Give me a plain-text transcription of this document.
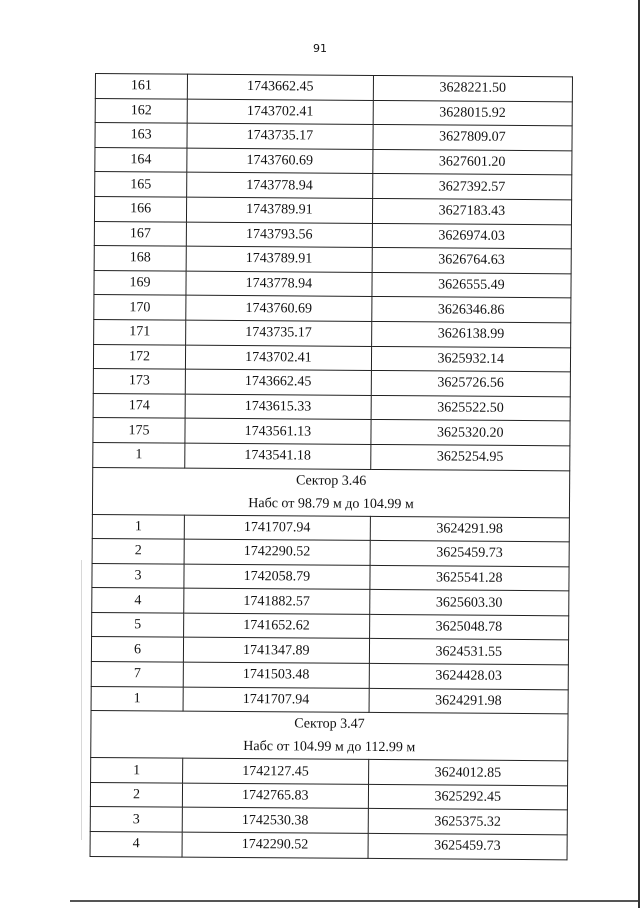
91
161	1743662.45	3628221.50
162	1743702.41	3628015.92
163	1743735.17	3627809.07
164	1743760.69	3627601.20
165	1743778.94	3627392.57
166	1743789.91	3627183.43
167	1743793.56	3626974.03
168	1743789.91	3626764.63
169	1743778.94	3626555.49
170	1743760.69	3626346.86
171	1743735.17	3626138.99
172	1743702.41	3625932.14
173	1743662.45	3625726.56
174	1743615.33	3625522.50
175	1743561.13	3625320.20
1	1743541.18	3625254.95

Сектор 3.46
Набс от 98.79 м до 104.99 м		

1	1741707.94	3624291.98
2	1742290.52	3625459.73
3	1742058.79	3625541.28
4	1741882.57	3625603.30
5	1741652.62	3625048.78
6	1741347.89	3624531.55
7	1741503.48	3624428.03
1	1741707.94	3624291.98

Сектор 3.47
Набс от 104.99 м до 112.99 м		

1	1742127.45	3624012.85
2	1742765.83	3625292.45
3	1742530.38	3625375.32
4	1742290.52	3625459.73
